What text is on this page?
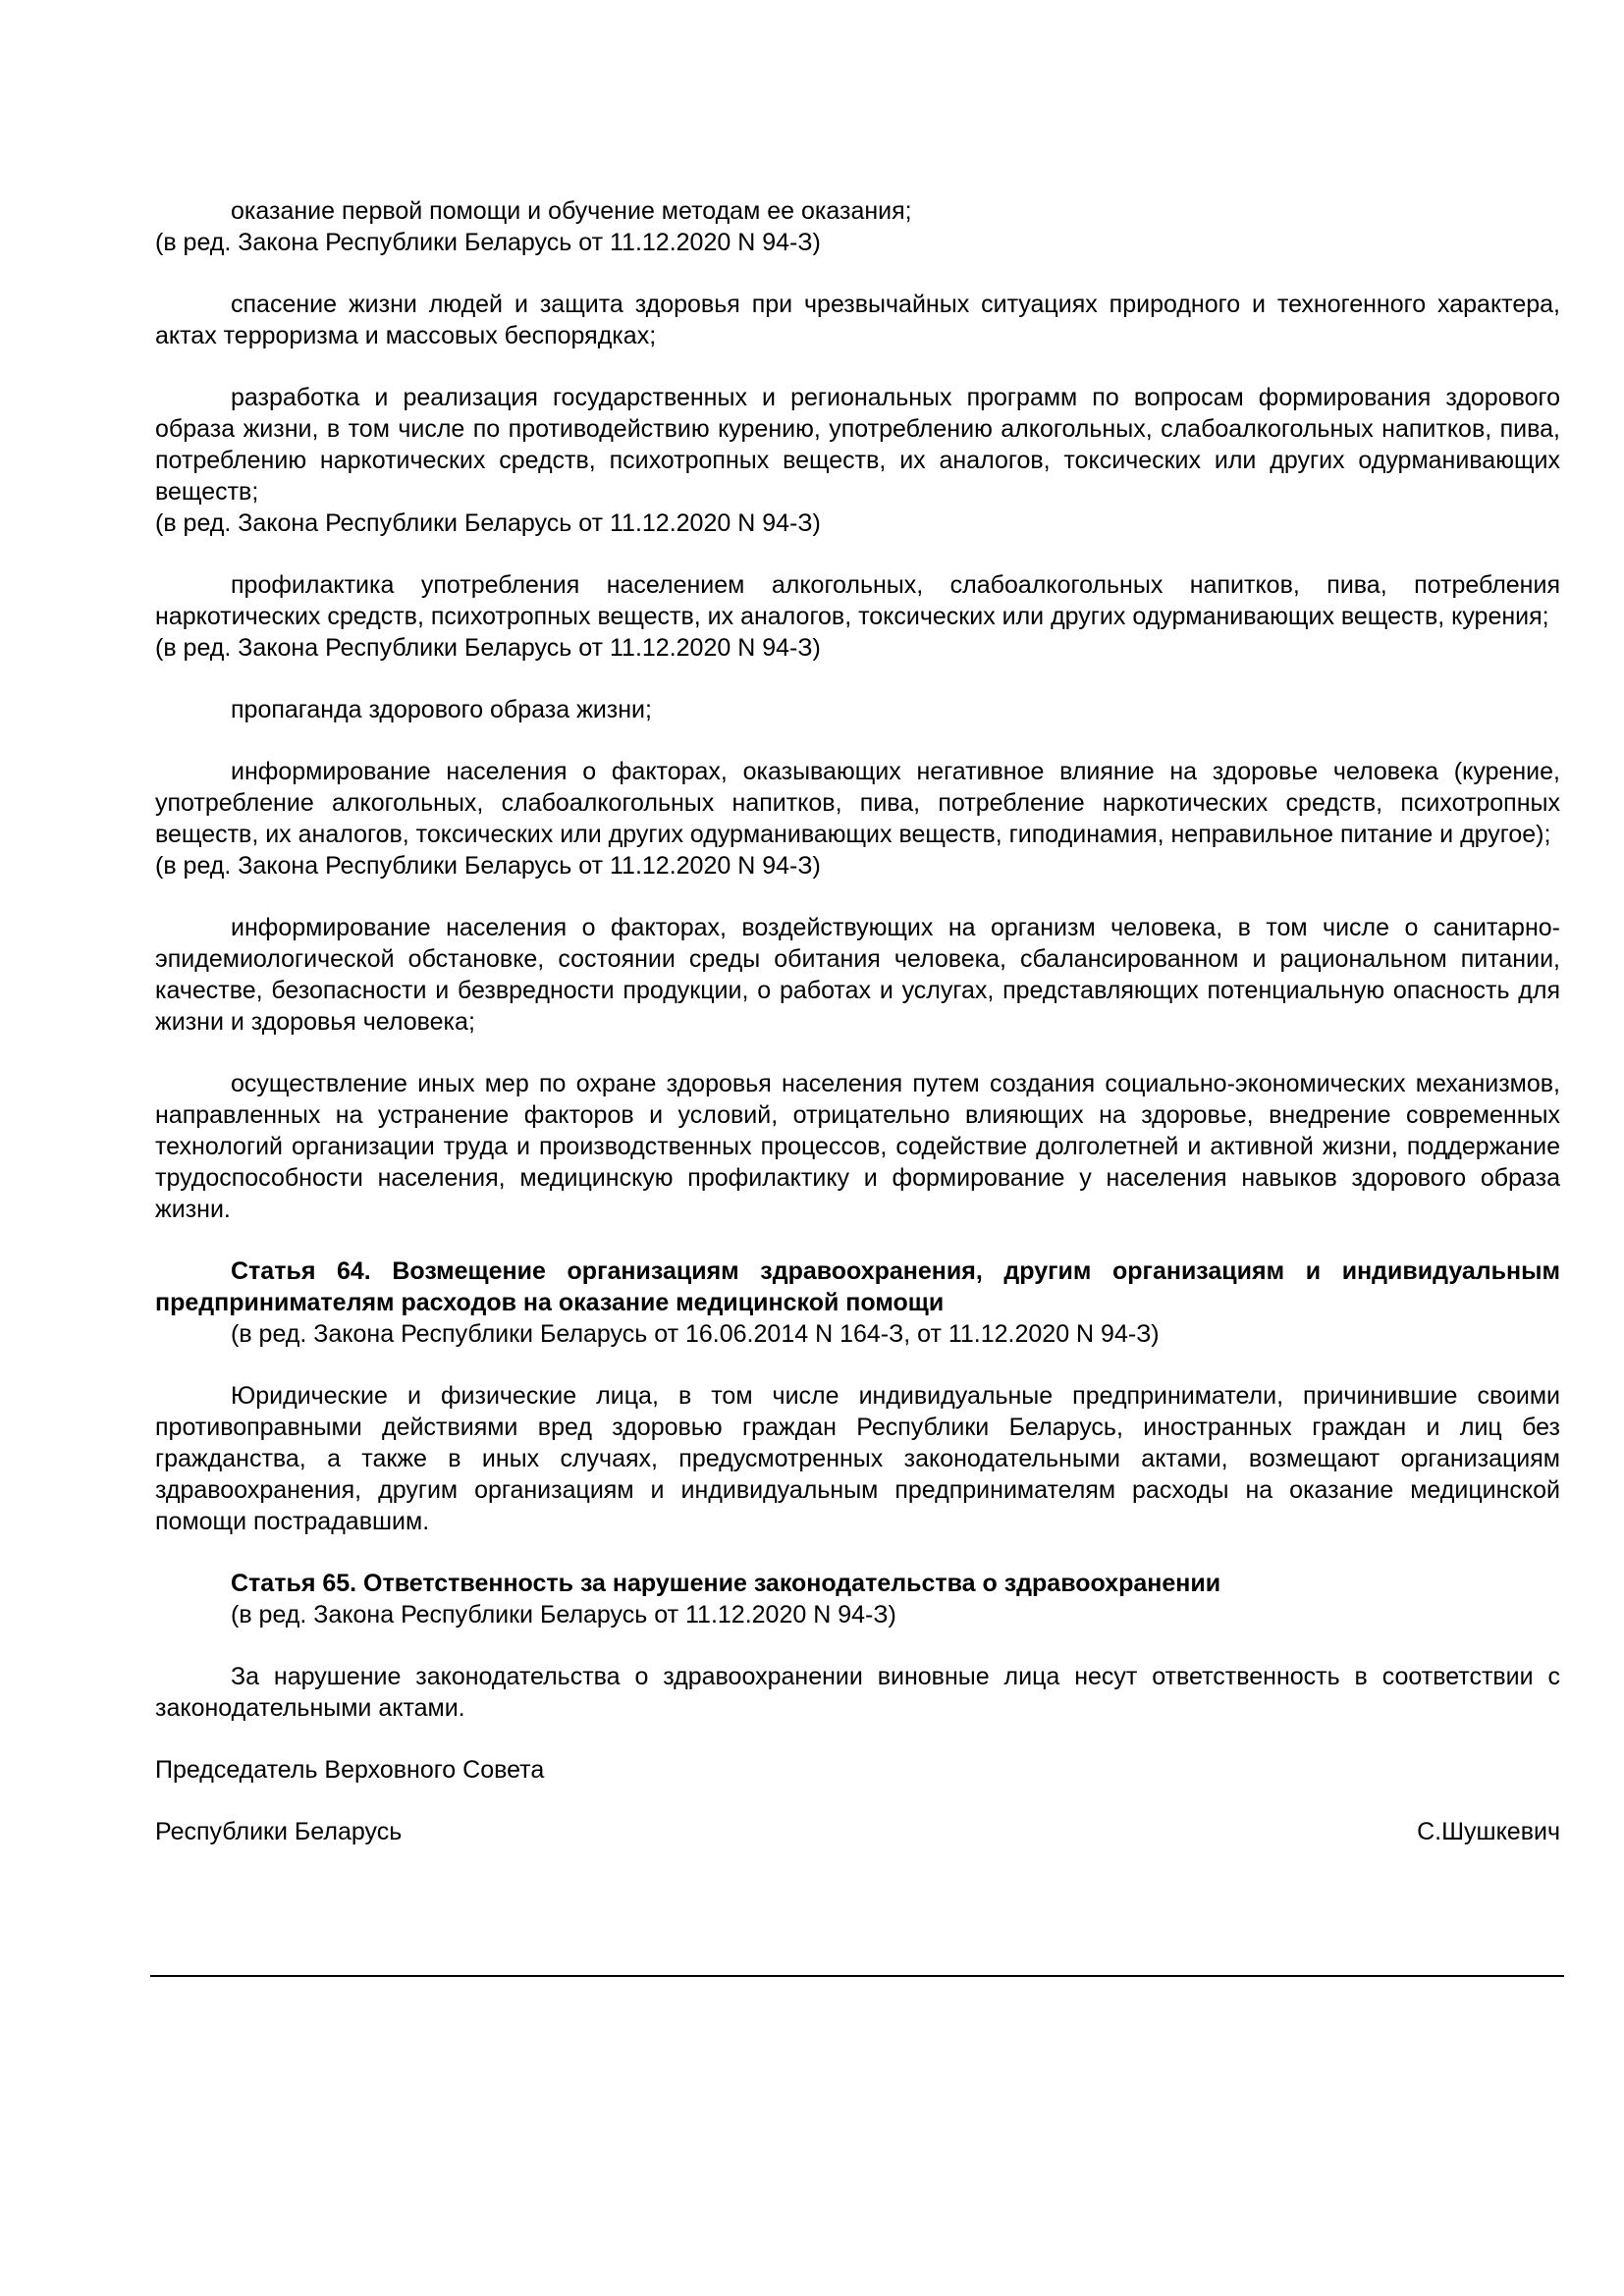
оказание первой помощи и обучение методам ее оказания;
(в ред. Закона Республики Беларусь от 11.12.2020 N 94-З)

спасение жизни людей и защита здоровья при чрезвычайных ситуациях природного и техногенного характера, актах терроризма и массовых беспорядках;

разработка и реализация государственных и региональных программ по вопросам формирования здорового образа жизни, в том числе по противодействию курению, употреблению алкогольных, слабоалкогольных напитков, пива, потреблению наркотических средств, психотропных веществ, их аналогов, токсических или других одурманивающих веществ;
(в ред. Закона Республики Беларусь от 11.12.2020 N 94-З)

профилактика употребления населением алкогольных, слабоалкогольных напитков, пива, потребления наркотических средств, психотропных веществ, их аналогов, токсических или других одурманивающих веществ, курения;
(в ред. Закона Республики Беларусь от 11.12.2020 N 94-З)

пропаганда здорового образа жизни;

информирование населения о факторах, оказывающих негативное влияние на здоровье человека (курение, употребление алкогольных, слабоалкогольных напитков, пива, потребление наркотических средств, психотропных веществ, их аналогов, токсических или других одурманивающих веществ, гиподинамия, неправильное питание и другое);
(в ред. Закона Республики Беларусь от 11.12.2020 N 94-З)

информирование населения о факторах, воздействующих на организм человека, в том числе о санитарно-эпидемиологической обстановке, состоянии среды обитания человека, сбалансированном и рациональном питании, качестве, безопасности и безвредности продукции, о работах и услугах, представляющих потенциальную опасность для жизни и здоровья человека;

осуществление иных мер по охране здоровья населения путем создания социально-экономических механизмов, направленных на устранение факторов и условий, отрицательно влияющих на здоровье, внедрение современных технологий организации труда и производственных процессов, содействие долголетней и активной жизни, поддержание трудоспособности населения, медицинскую профилактику и формирование у населения навыков здорового образа жизни.

Статья 64. Возмещение организациям здравоохранения, другим организациям и индивидуальным предпринимателям расходов на оказание медицинской помощи
(в ред. Закона Республики Беларусь от 16.06.2014 N 164-З, от 11.12.2020 N 94-З)

Юридические и физические лица, в том числе индивидуальные предприниматели, причинившие своими противоправными действиями вред здоровью граждан Республики Беларусь, иностранных граждан и лиц без гражданства, а также в иных случаях, предусмотренных законодательными актами, возмещают организациям здравоохранения, другим организациям и индивидуальным предпринимателям расходы на оказание медицинской помощи пострадавшим.

Статья 65. Ответственность за нарушение законодательства о здравоохранении
(в ред. Закона Республики Беларусь от 11.12.2020 N 94-З)

За нарушение законодательства о здравоохранении виновные лица несут ответственность в соответствии с законодательными актами.

Председатель Верховного Совета

Республики Беларусь	С.Шушкевич
